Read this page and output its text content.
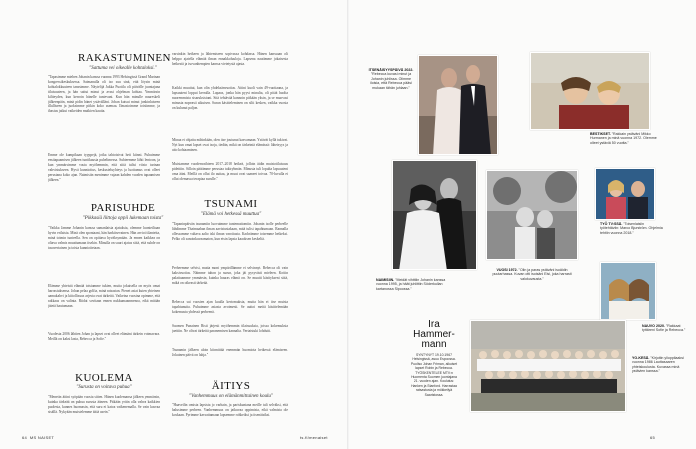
RAKASTUMINEN
"Sattuma vei oikealle kohtaloksi."
"Tapasimme miehen Johanin kanssa vuonna 1993 Helsingissä Grand Marinan kongressikeskuksessa. Saimanulla oli iso suu sinä, että löysin minä kohtalokkuuteen tanssimme. Näytelijä Jukka Puotila oli päivälle juontajana tilaisuuteen, ja hän sattui minut ja avasi ohjelman kohtaa. Ymmärsin kiltteyden, kun kerroin hänelle tuntevani. Kun hän minulle naureskeli jälkeenpäin, minä pidin hänet ystävälläni. Johan kutsui minut jonkinlaiseen illalliseen ja juoksimme pitkin koko asemaa. Ilmastoimme toisiimme, ja ihastus jatkui vaikeiden mutkien kautta.
Emme ole kumpikaan tyyppejä, jotka tahtoisivat heti kiinni. Puhuimme ensitapaamisen jälkeen tuntikausia puhelimessa. Suhteemme lähti lentoon, ja kun ymmärsimme vasta myöhemmin, että siitä tulisi viisto tarinan vahvistukseen. Hyvä kunnioitus, keskusteluyhteys ja luottamus ovat olleet perustana koko ajan. Naimisiin menimme vajaan kahden vuoden tapaamisen jälkeen."
PARISUHDE
"Pikkasiä liittoja oppii lukemaan toista"
"Vaikka Jamme Johanin kanssa samanlaisia ajatuksia, olemme luonteiltaan hyvin erilaisia. Minä olen spontaani, hän harkitsevainen. Hän arvioi tilanteita, minä toimin tunteella. Sen on opittava hyväksymään. Ja ennen kaikkea on oltava valmis muuttumaan itsekin. Minulla on suuri ajatus siitä, että suhde on tasavertainen ja toista kunnioitetaan.
Elämme yhteistä elämää toisiamme tukien, mutta jokaisella on myös omat harrastuksensa. Johan pelaa golfia, minä ratsastan. Pienet asiat kuten yhteinen aamukahvi ja kiitollisuus arjesta ovat tärkeitä. Vaikeina vuosina opimme, että rakkaus on valinta. Riidat sovitaan ennen nukkumaanmenoa, eikä mitään jätetä hautumaan.
Vuodesta 2006 lähtien Johan ja lapset ovat olleet elämäni tärkein voimavara. Meillä on kaksi lasta, Rebecca ja Sofie."
KUOLEMA
"Surusta on voitava puhua"
"Menetin äitini syöpään vuosia sitten. Hänen kuolemansa jälkeen ymmärsin, kuinka tärkeää on puhua surusta ääneen. Pitkään yritin olla vahva kaikkien puolesta, kunnes huomasin, että suru ei katoa vaikenemalla. Se vain kasvaa sisällä. Nykyään muistelemme äitiä usein."
varsinkin hetkeen ja lähtemiseen sopivassa kohdassa. Hänen kanssaan oli helppo ajatella elämää ilman ennakkoluuloja. Lapsena nautimme jokaisesta hetkestä ja isovanhempien kanssa vietetystä ajasta.
Kaikki muuttui, kun olin yhdeksänvuotias. Äitini kuoli vain 49-vuotiaana, ja lapsuuteni loppui kerralla. Lupaus, jonka hän pyysi minulta, oli pitää huolta nuoremmista sisaruksistani. Sitä tehtävää kannoin pitkään yksin, ja se muovasi minusta nopeasti aikuisen. Surun käsitteleminen on silti kesken, vaikka vuosia on kulunut paljon.
Minua ei ohjattu mihinkään, olen itse joutunut kasvamaan. Ystävät kyllä tukivat. Nyt kun omat lapset ovat isoja, tiedän, mikä on tärkeintä elämässä: läheisyys ja aito kohtaaminen.
Muistamme vuodenvaihteen 2017–2018 hetkeä, jolloin äidin muistotilaisuus pidettiin. Silloin päätimme perustaa tukiryhmän. Minusta tuli lopulta lapsuuteni oma ääni. Meillä on ollut ilo auttaa, ja muut ovat saaneet toivoa. 70-luvulla ei ollut olemassa terapiaa surulle."
TSUNAMI
"Elämä voi hetkessä muuttua"
"Tapaninpäivän tsunamiin luovuimme tuntemattomiin. Johanin isolle perheelle lähdimme Thaimaahan ilman aavistustakaan, mitä tulisi tapahtumaan. Rannalla ollessamme valtava aalto iski ilman varoitusta. Kadotimme toisemme hetkeksi. Pelko oli sanoinkuvaamaton, kun etsin lapsia kaaoksen keskeltä.
Perheemme selvisi, mutta moni ympärillämme ei selvinnyt. Rebecca oli vain kaksivuotias. Näimme tuhon ja surun, joka jäi pysyvästi mieleen. Kotiin palattuamme ymmärsin, kuinka hauras elämä on. Se muutti käsitykseni siitä, mikä on oikeasti tärkeää.
Rebecca sai vuosien ajan kuulla kertomuksia, mutta hän ei itse muista tapahtunutta. Puhuimme asiasta avoimesti. Se auttoi meitä käsittelemään kokemusta yhdessä perheenä.
Suomen Punainen Risti järjesti myöhemmin tilaisuuksia, joissa kokemuksia jaettiin. Ne olivat tärkeitä paranemisen kannalta. Vertaistuki lohdutti.
Tsunamin jälkeen aloin kiinnittää enemmän huomiota hetkessä elämiseen. Jokainen päivä on lahja."
ÄITIYS
"Vanhemmuus on elämänmittainen koulu"
"Haaveilin omista lapsista jo varhain, ja pariskuntana meille tuli selväksi, että halusimme perheen. Vanhemmuus on jatkuvaa oppimista, eikä valmista ole koskaan. Pyrimme kasvattamaan lapsemme rohkeiksi ja itsenäisiksi.
64 MS NAISET	ts.fi/menaiset	65
ITSENÄISYYSPÄIVÄ 2022. "Rebecca kuvasi minut ja Johanin juhlissa. Olimme iloisia, että Rebecca pääsi mukaan tähän juhlaan."
BESTIKSET. "Rakkain ystäväni Mikko Hurmanen ja minä vuonna 1972. Olemme olleet ystäviä 50 vuotta."
NAIMISIIN. "Meidät vihittiin Johanin kanssa vuonna 1995, ja häät juhlittiin Söderkullan kartanossa Sipoossa."
VUOSI 1972. "Olin ja paras ystäväni isoäidin puutarhassa. Kuvan otti isoisäni Elsi, joka harrasti valokuvausta."
TYÖ TV:SSÄ. "Toisenlaisiin työtehtäviin: Marco Bjurström. Ohjelmia tehtiin vuonna 2018."
NAUVO 2020. "Rakkaat tyttäreni Sofie ja Rebecca."
Ira
Hammer-mann
SYNTYNYT 19.10.1967 Helsingissä, asuu Espoossa. Puoliso Johan Friman, aikuiset lapset Robin ja Rebecca. TYÖSKENTELEE MTV:n Huomenta Suomen juontajana 21. vuoden ajan. Koulutus: Hanken ja Stanford. Harrastaa ratsastusta ja mökkeilyä Saaristossa.
YO-KESÄ. "Kirjoitin ylioppilaaksi vuonna 1986 Lauttasaaren yhteiskoulusta. Kuvassa minä ystävien kanssa."
